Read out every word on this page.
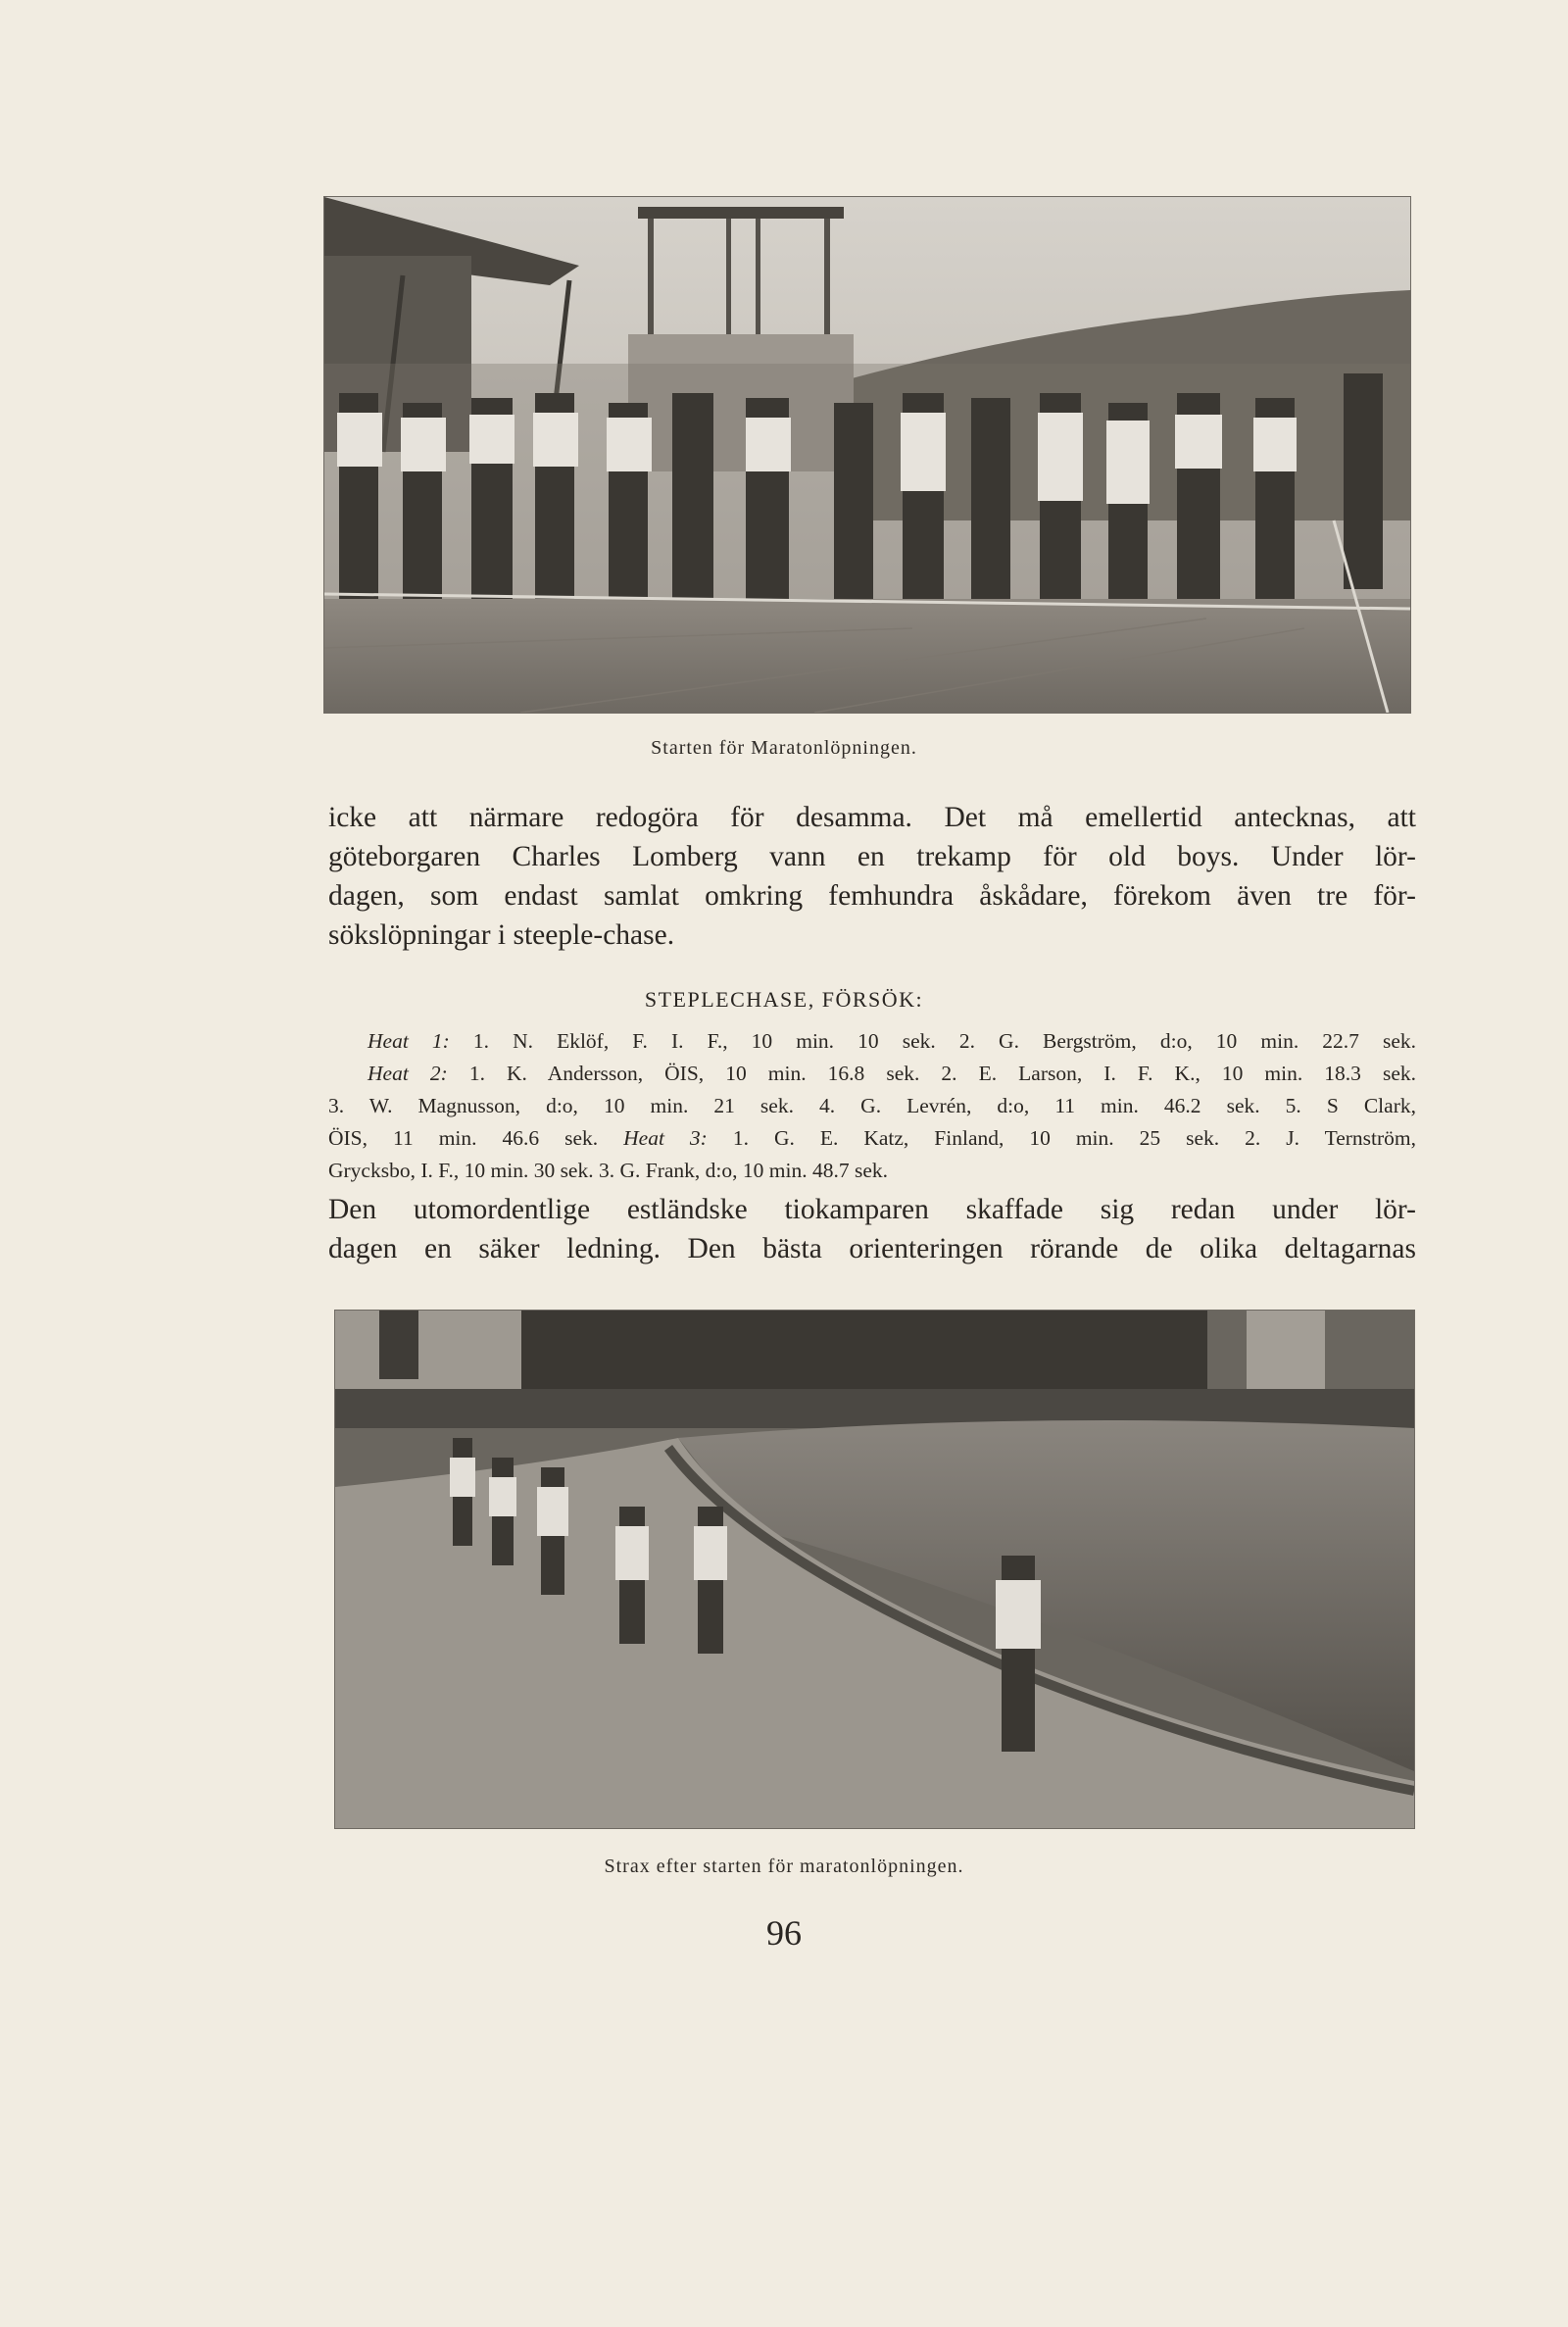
Starten för Maratonlöpningen.
icke att närmare redogöra för desamma. Det må emellertid antecknas, att
göteborgaren Charles Lomberg vann en trekamp för old boys. Under lör-
dagen, som endast samlat omkring femhundra åskådare, förekom även tre för-
sökslöpningar i steeple-chase.
STEPLECHASE, FÖRSÖK:
Heat 1: 1. N. Eklöf, F. I. F., 10 min. 10 sek. 2. G. Bergström, d:o, 10 min. 22.7 sek.
Heat 2: 1. K. Andersson, ÖIS, 10 min. 16.8 sek. 2. E. Larson, I. F. K., 10 min. 18.3 sek.
3. W. Magnusson, d:o, 10 min. 21 sek. 4. G. Levrén, d:o, 11 min. 46.2 sek. 5. S Clark,
ÖIS, 11 min. 46.6 sek. Heat 3: 1. G. E. Katz, Finland, 10 min. 25 sek. 2. J. Ternström,
Grycksbo, I. F., 10 min. 30 sek. 3. G. Frank, d:o, 10 min. 48.7 sek.
Den utomordentlige estländske tiokamparen skaffade sig redan under lör-
dagen en säker ledning. Den bästa orienteringen rörande de olika deltagarnas
Strax efter starten för maratonlöpningen.
96
